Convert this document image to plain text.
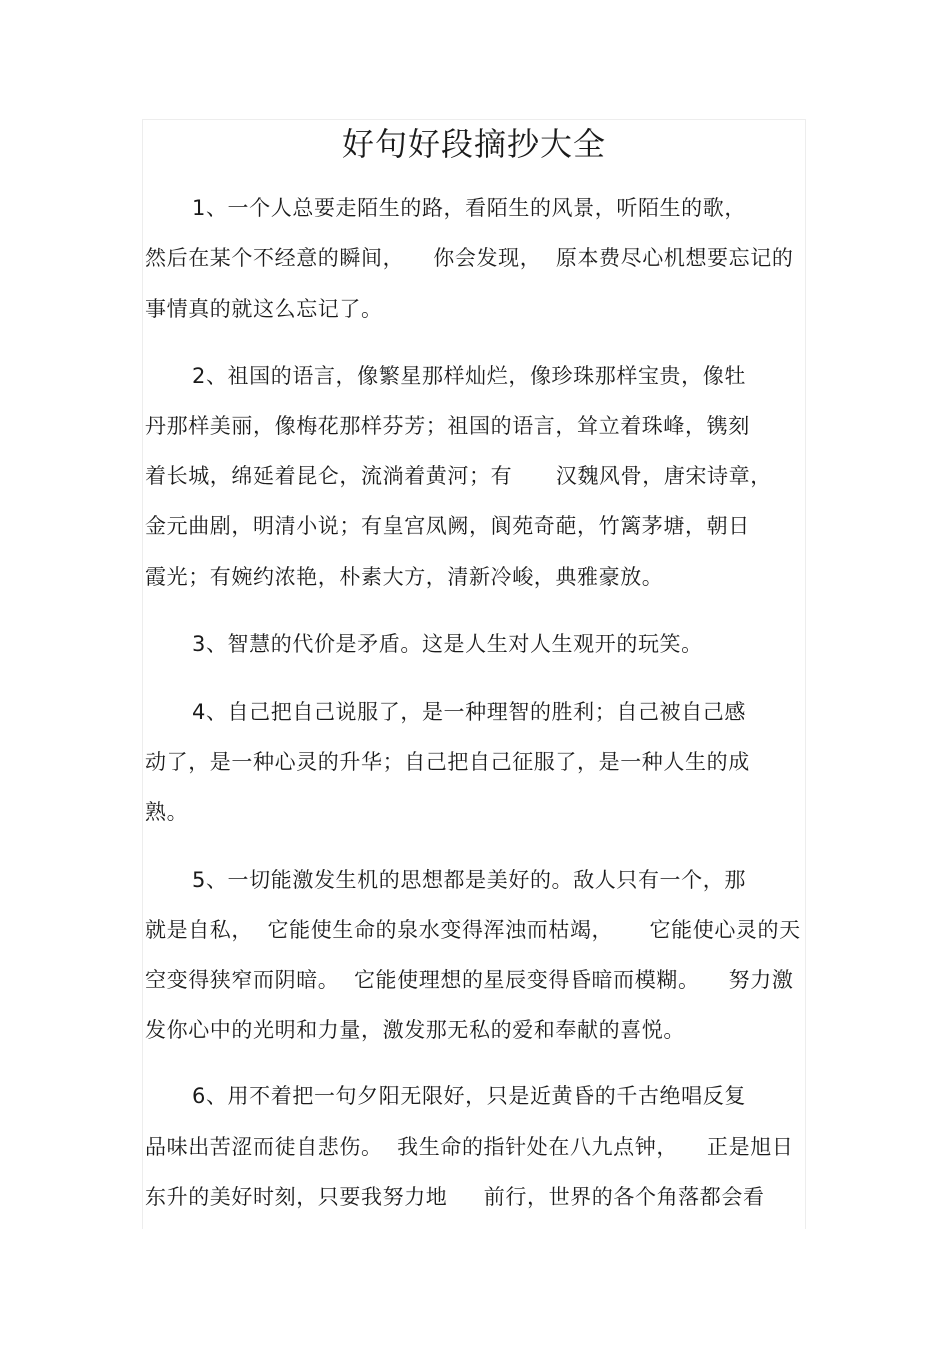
好句好段摘抄大全
1、一个人总要走陌生的路，看陌生的风景，听陌生的歌，
然后在某个不经意的瞬间，    你会发现，  原本费尽心机想要忘记的
事情真的就这么忘记了。
2、祖国的语言，像繁星那样灿烂，像珍珠那样宝贵，像牡
丹那样美丽，像梅花那样芬芳；祖国的语言，耸立着珠峰，镌刻
着长城，绵延着昆仑，流淌着黄河；有      汉魏风骨，唐宋诗章，
金元曲剧，明清小说；有皇宫凤阙，阆苑奇葩，竹篱茅塘，朝日
霞光；有婉约浓艳，朴素大方，清新冷峻，典雅豪放。
3、智慧的代价是矛盾。这是人生对人生观开的玩笑。
4、自己把自己说服了，是一种理智的胜利；自己被自己感
动了，是一种心灵的升华；自己把自己征服了，是一种人生的成
熟。
5、一切能激发生机的思想都是美好的。敌人只有一个，那
就是自私，  它能使生命的泉水变得浑浊而枯竭，     它能使心灵的天
空变得狭窄而阴暗。  它能使理想的星辰变得昏暗而模糊。    努力激
发你心中的光明和力量，激发那无私的爱和奉献的喜悦。
6、用不着把一句夕阳无限好，只是近黄昏的千古绝唱反复
品味出苦涩而徒自悲伤。  我生命的指针处在八九点钟，    正是旭日
东升的美好时刻，只要我努力地     前行，世界的各个角落都会看
